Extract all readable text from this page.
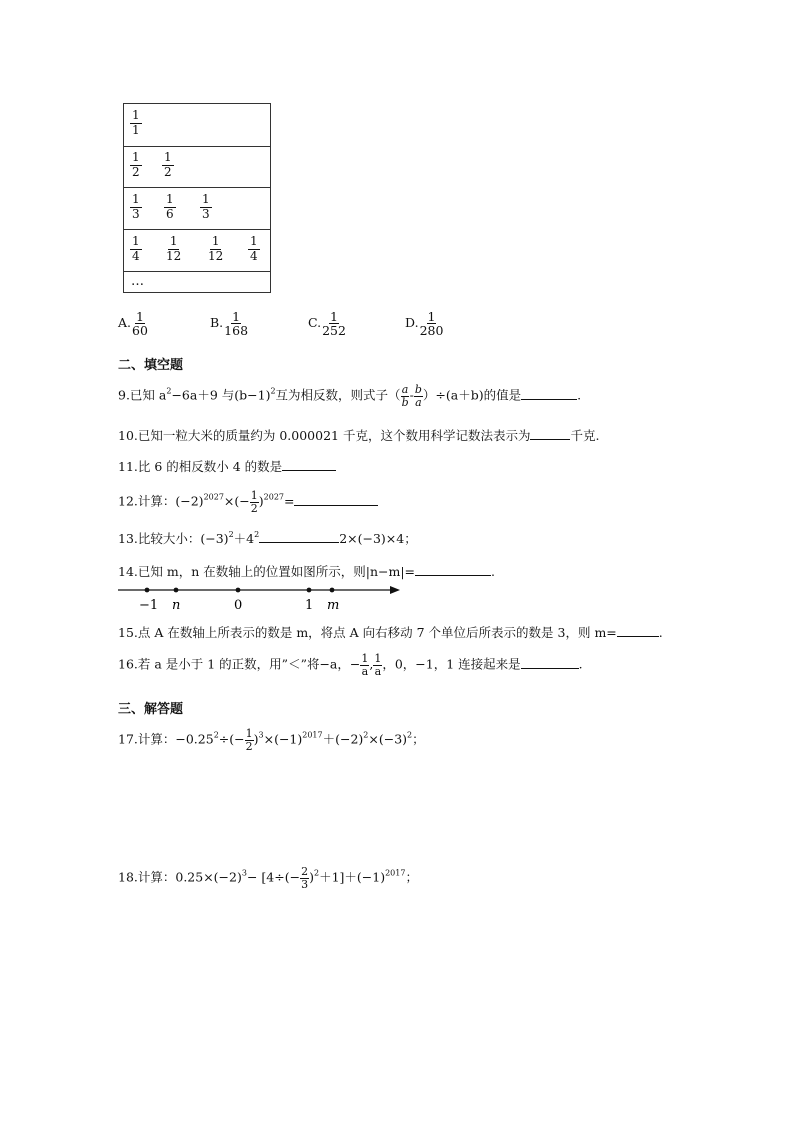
$\frac{1}{1}$
$\frac{1}{2} \frac{1}{2}$
$\frac{1}{3} \frac{1}{6} \frac{1}{3}$
$\frac{1}{4} \frac{1}{12} \frac{1}{12} \frac{1}{4}$
…
A. $\frac{1}{60}$	B. $\frac{1}{168}$	C. $\frac{1}{252}$	D. $\frac{1}{280}$
二、填空题
9.已知 $a^2-6a+9$ 与$(b-1)^2$互为相反数，则式子（ $\frac{a}{b} - \frac{b}{a} )\div(a+b)$的值是	.
10.已知一粒大米的质量约为 0.000021 千克，这个数用科学记数法表示为	千克.
11.比 6 的相反数小 4 的数是
12.计算：$(-2)^{2027}\times(- \frac{1}{2} )^{2027}=$
13.比较大小：$(-3)^2+4^2$	2×(−3)×4；
14.已知 m，n 在数轴上的位置如图所示，则|n−m|=	.
−1 n	0	1 m
15.点 A 在数轴上所表示的数是 m，将点 A 向右移动 7 个单位后所表示的数是 3，则 m=	.
16.若 a 是小于 1 的正数，用”＜”将−a，− $\frac{1}{a}$ , $\frac{1}{a}$ ，0，−1，1 连接起来是	.
三、解答题
17.计算：$-0.25^2\div(- \frac{1}{2} )^3\times(-1)^{2017}+(-2)^2\times(-3)^2$；
18.计算：$0.25\times(-2)^3- [4\div(- \frac{2}{3} )^2+1]+(-1)^{2017}$；
